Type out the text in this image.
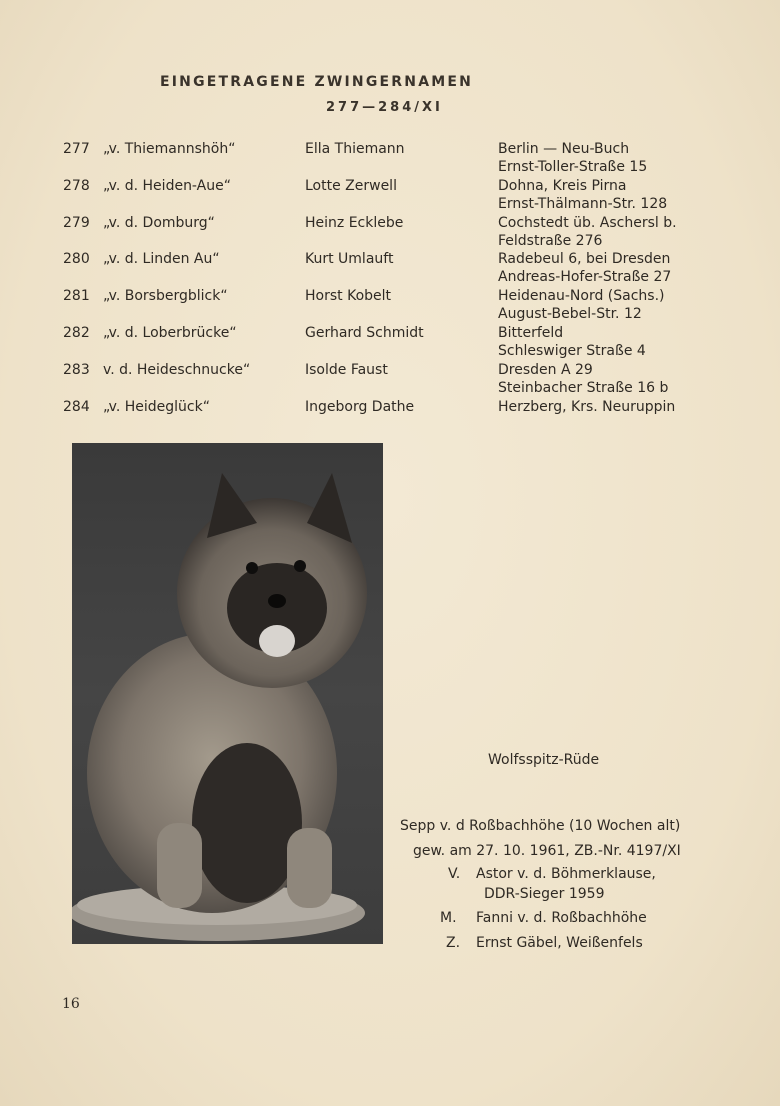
EINGETRAGENE ZWINGERNAMEN
277—284/XI
277 „v. Thiemannshöh“	Ella Thiemann	Berlin — Neu-Buch
Ernst-Toller-Straße 15
278 „v. d. Heiden-Aue“	Lotte Zerwell	Dohna, Kreis Pirna
Ernst-Thälmann-Str. 128
279 „v. d. Domburg“	Heinz Ecklebe	Cochstedt üb. Aschersl b.
Feldstraße 276
280 „v. d. Linden Au“	Kurt Umlauft	Radebeul 6, bei Dresden
Andreas-Hofer-Straße 27
281 „v. Borsbergblick“	Horst Kobelt	Heidenau-Nord (Sachs.)
August-Bebel-Str. 12
282 „v. d. Loberbrücke“	Gerhard Schmidt	Bitterfeld
Schleswiger Straße 4
283 v. d. Heideschnucke“	Isolde Faust	Dresden A 29
Steinbacher Straße 16 b
284 „v. Heideglück“	Ingeborg Dathe	Herzberg, Krs. Neuruppin
Wolfsspitz-Rüde
Sepp v. d Roßbachhöhe (10 Wochen alt)
gew. am 27. 10. 1961, ZB.-Nr. 4197/XI
V. Astor v. d. Böhmerklause,
DDR-Sieger 1959
M. Fanni v. d. Roßbachhöhe
Z. Ernst Gäbel, Weißenfels
16
